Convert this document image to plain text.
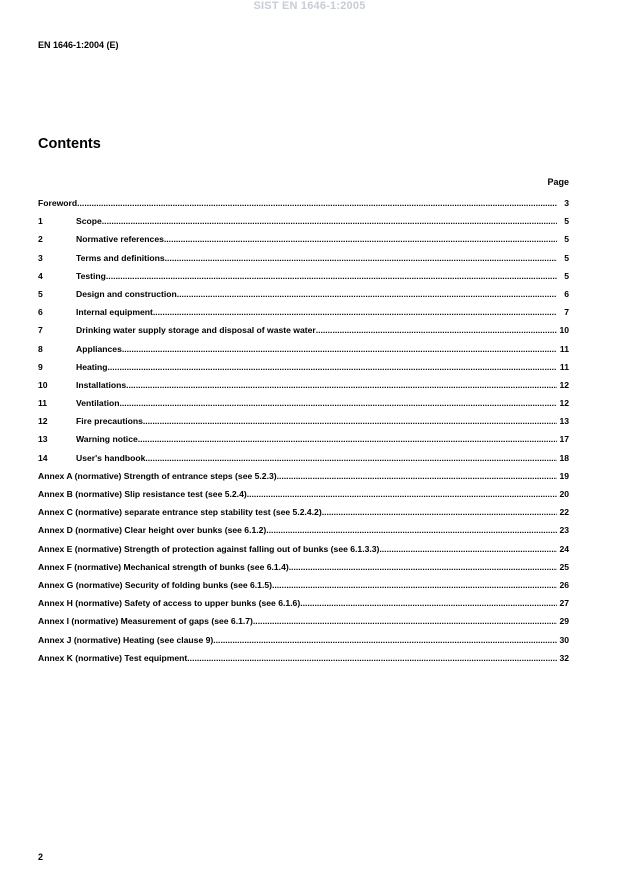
SIST EN 1646-1:2005
EN 1646-1:2004 (E)
Contents
Page
Foreword .....	3
1	Scope .....	5
2	Normative references .....	5
3	Terms and definitions .....	5
4	Testing .....	5
5	Design and construction .....	6
6	Internal equipment .....	7
7	Drinking water supply storage and disposal of waste water .....	10
8	Appliances .....	11
9	Heating .....	11
10	Installations .....	12
11	Ventilation .....	12
12	Fire precautions .....	13
13	Warning notice .....	17
14	User's handbook .....	18
Annex A (normative) Strength of entrance steps (see 5.2.3) .....	19
Annex B (normative) Slip resistance test (see 5.2.4) .....	20
Annex C (normative) separate entrance step stability test (see 5.2.4.2) .....	22
Annex D (normative) Clear height over bunks (see 6.1.2) .....	23
Annex E (normative) Strength of protection against falling out of bunks (see 6.1.3.3) .....	24
Annex F (normative) Mechanical strength of bunks (see 6.1.4) .....	25
Annex G (normative) Security of folding bunks (see 6.1.5) .....	26
Annex H (normative) Safety of access to upper bunks (see 6.1.6) .....	27
Annex I (normative) Measurement of gaps (see 6.1.7) .....	29
Annex J (normative) Heating (see clause 9) .....	30
Annex K (normative) Test equipment .....	32
2
